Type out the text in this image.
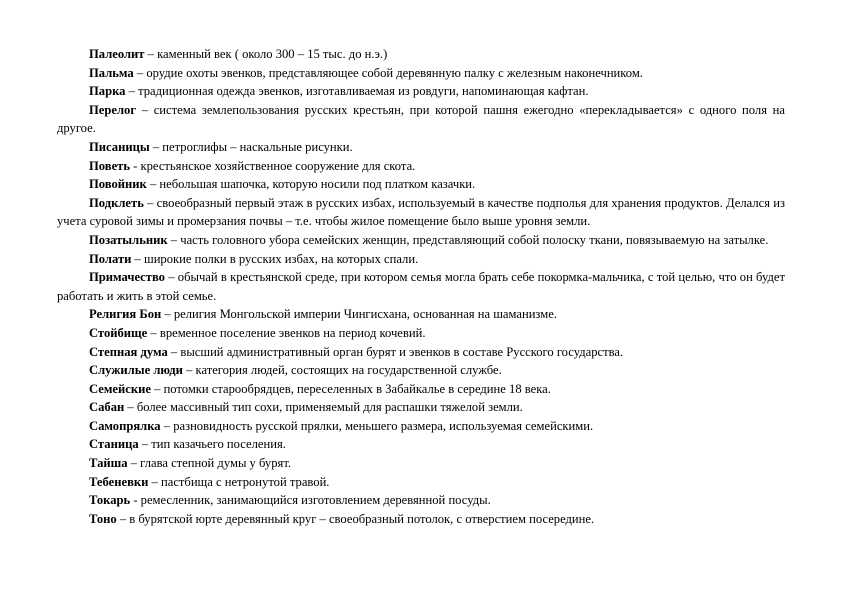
Палеолит – каменный век ( около 300 – 15 тыс. до н.э.)

Пальма – орудие охоты эвенков, представляющее собой деревянную палку с железным наконечником.

Парка – традиционная одежда эвенков, изготавливаемая из ровдуги, напоминающая кафтан.

Перелог – система землепользования русских крестьян, при которой пашня ежегодно «перекладывается» с одного поля на другое.

Писаницы – петроглифы – наскальные рисунки.

Поветь - крестьянское хозяйственное сооружение для скота.

Повойник – небольшая шапочка, которую носили под платком казачки.

Подклеть – своеобразный первый этаж в русских избах, используемый в качестве подполья для хранения продуктов. Делался из учета суровой зимы и промерзания почвы – т.е. чтобы жилое помещение было выше уровня земли.

Позатыльник – часть головного убора семейских женщин, представляющий собой полоску ткани, повязываемую на затылке.

Полати – широкие полки в русских избах, на которых спали.

Примачество – обычай в крестьянской среде, при котором семья могла брать себе покормка-мальчика, с той целью, что он будет работать и жить в этой семье.

Религия Бон – религия Монгольской империи Чингисхана, основанная на шаманизме.

Стойбище – временное поселение эвенков на период кочевий.

Степная дума – высший административный орган бурят и эвенков в составе Русского государства.

Служилые люди – категория людей, состоящих на государственной службе.

Семейские – потомки старообрядцев, переселенных в Забайкалье в середине 18 века.

Сабан – более массивный тип сохи, применяемый для распашки тяжелой земли.

Самопрялка – разновидность русской прялки, меньшего размера, используемая семейскими.

Станица – тип казачьего поселения.

Тайша – глава степной думы у бурят.

Тебеневки – пастбища с нетронутой травой.

Токарь - ремесленник, занимающийся изготовлением деревянной посуды.

Тоно – в бурятской юрте деревянный круг – своеобразный потолок, с отверстием посередине.
